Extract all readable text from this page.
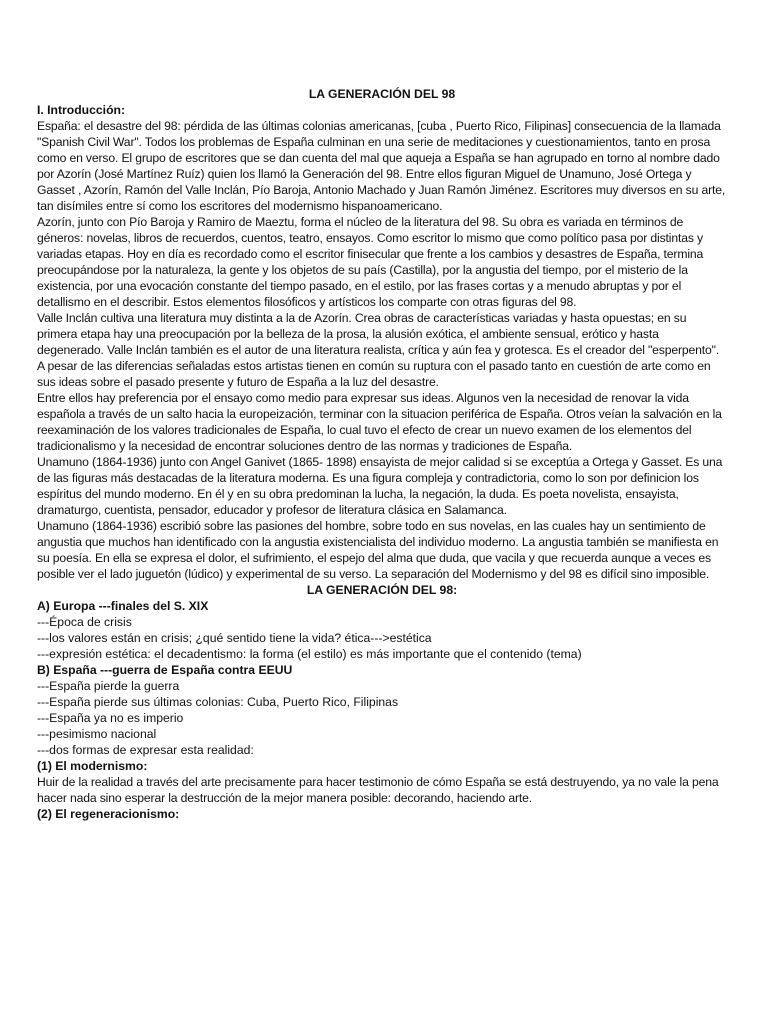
LA GENERACIÓN DEL 98

I. Introducción:

España: el desastre del 98: pérdida de las últimas colonias americanas, [cuba , Puerto Rico, Filipinas] consecuencia de la llamada "Spanish Civil War". Todos los problemas de España culminan en una serie de meditaciones y cuestionamientos, tanto en prosa como en verso. El grupo de escritores que se dan cuenta del mal que aqueja a España se han agrupado en torno al nombre dado por Azorín (José Martínez Ruíz) quien los llamó la Generación del 98. Entre ellos figuran Miguel de Unamuno, José Ortega y Gasset , Azorín, Ramón del Valle Inclán, Pío Baroja, Antonio Machado y Juan Ramón Jiménez. Escritores muy diversos en su arte, tan disímiles entre sí como los escritores del modernismo hispanoamericano.

Azorín, junto con Pío Baroja y Ramiro de Maeztu, forma el núcleo de la literatura del 98. Su obra es variada en términos de géneros: novelas, libros de recuerdos, cuentos, teatro, ensayos. Como escritor lo mismo que como político pasa por distintas y variadas etapas. Hoy en día es recordado como el escritor finisecular que frente a los cambios y desastres de España, termina preocupándose por la naturaleza, la gente y los objetos de su país (Castilla), por la angustia del tiempo, por el misterio de la existencia, por una evocación constante del tiempo pasado, en el estilo, por las frases cortas y a menudo abruptas y por el detallismo en el describir. Estos elementos filosóficos y artísticos los comparte con otras figuras del 98.

Valle Inclán cultiva una literatura muy distinta a la de Azorín. Crea obras de características variadas y hasta opuestas; en su primera etapa hay una preocupación por la belleza de la prosa, la alusión exótica, el ambiente sensual, erótico y hasta degenerado. Valle Inclán también es el autor de una literatura realista, crítica y aún fea y grotesca. Es el creador del "esperpento". A pesar de las diferencias señaladas estos artistas tienen en común su ruptura con el pasado tanto en cuestión de arte como en sus ideas sobre el pasado presente y futuro de España a la luz del desastre.

Entre ellos hay preferencia por el ensayo como medio para expresar sus ideas. Algunos ven la necesidad de renovar la vida española a través de un salto hacia la europeización, terminar con la situacion periférica de España. Otros veían la salvación en la reexaminación de los valores tradicionales de España, lo cual tuvo el efecto de crear un nuevo examen de los elementos del tradicionalismo y la necesidad de encontrar soluciones dentro de las normas y tradiciones de España.

Unamuno (1864-1936) junto con Angel Ganivet (1865- 1898) ensayista de mejor calidad si se exceptúa a Ortega y Gasset. Es una de las figuras más destacadas de la literatura moderna. Es una figura compleja y contradictoria, como lo son por definicion los espíritus del mundo moderno. En él y en su obra predominan la lucha, la negación, la duda. Es poeta novelista, ensayista, dramaturgo, cuentista, pensador, educador y profesor de literatura clásica en Salamanca.

Unamuno (1864-1936) escribió sobre las pasiones del hombre, sobre todo en sus novelas, en las cuales hay un sentimiento de angustia que muchos han identificado con la angustia existencialista del individuo moderno. La angustia también se manifiesta en su poesía. En ella se expresa el dolor, el sufrimiento, el espejo del alma que duda, que vacila y que recuerda aunque a veces es posible ver el lado juguetón (lúdico) y experimental de su verso. La separación del Modernismo y del 98 es difícil sino imposible.

LA GENERACIÓN DEL 98:

A) Europa ---finales del S. XIX

---Época de crisis

---los valores están en crisis; ¿qué sentido tiene la vida? ética--->estética

---expresión estética: el decadentismo: la forma (el estilo) es más importante que el contenido (tema)

B) España ---guerra de España contra EEUU

---España pierde la guerra

---España pierde sus últimas colonias: Cuba, Puerto Rico, Filipinas

---España ya no es imperio

---pesimismo nacional

---dos formas de expresar esta realidad:

(1) El modernismo:

Huir de la realidad a través del arte precisamente para hacer testimonio de cómo España se está destruyendo, ya no vale la pena hacer nada sino esperar la destrucción de la mejor manera posible: decorando, haciendo arte.

(2) El regeneracionismo:
